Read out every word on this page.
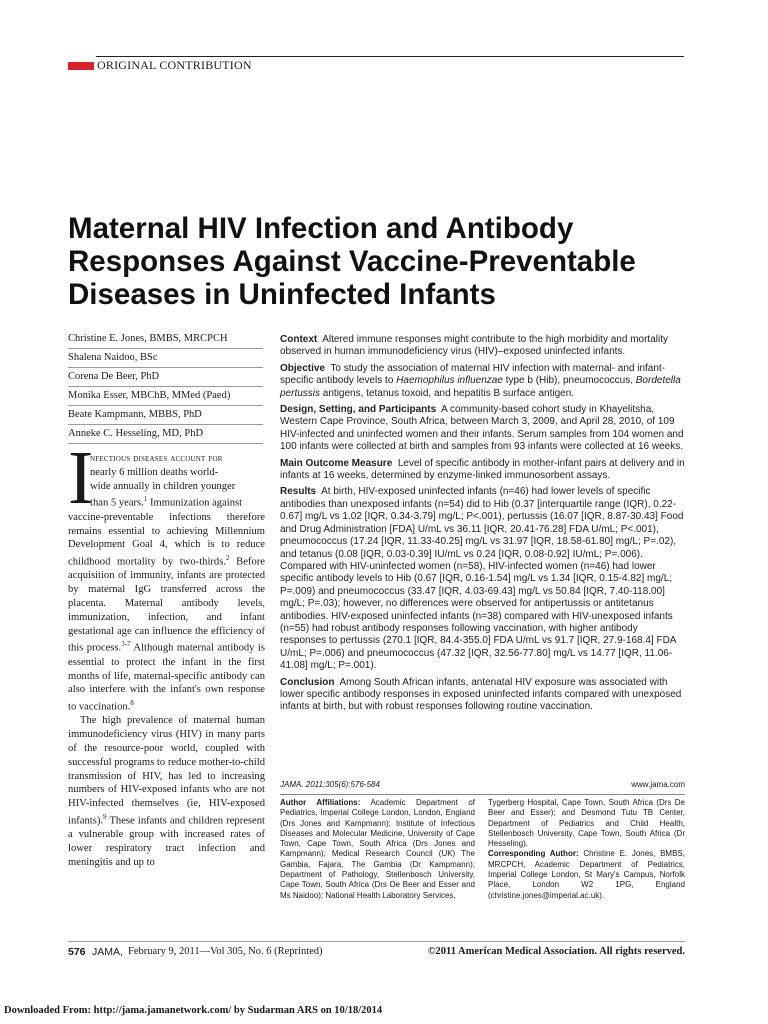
ORIGINAL CONTRIBUTION
Maternal HIV Infection and Antibody Responses Against Vaccine-Preventable Diseases in Uninfected Infants
Christine E. Jones, BMBS, MRCPCH
Shalena Naidoo, BSc
Corena De Beer, PhD
Monika Esser, MBChB, MMed (Paed)
Beate Kampmann, MBBS, PhD
Anneke C. Hesseling, MD, PhD
I
nfectious diseases account for
nearly 6 million deaths world-
wide annually in children younger
than 5 years.$^1$ Immunization against

vaccine-preventable infections therefore remains essential to achieving Millennium Development Goal 4, which is to reduce childhood mortality by two-thirds.$^2$ Before acquisition of immunity, infants are protected by maternal IgG transferred across the placenta. Maternal antibody levels, immunization, infection, and infant gestational age can influence the efficiency of this process.$^{3-7}$ Although maternal antibody is essential to protect the infant in the first months of life, maternal-specific antibody can also interfere with the infant's own response to vaccination.$^8$

The high prevalence of maternal human immunodeficiency virus (HIV) in many parts of the resource-poor world, coupled with successful programs to reduce mother-to-child transmission of HIV, has led to increasing numbers of HIV-exposed infants who are not HIV-infected themselves (ie, HIV-exposed infants).$^9$ These infants and children represent a vulnerable group with increased rates of lower respiratory tract infection and meningitis and up to

Context Altered immune responses might contribute to the high morbidity and mortality observed in human immunodeficiency virus (HIV)–exposed uninfected infants.

Objective To study the association of maternal HIV infection with maternal- and infant-specific antibody levels to Haemophilus influenzae type b (Hib), pneumococcus, Bordetella pertussis antigens, tetanus toxoid, and hepatitis B surface antigen.

Design, Setting, and Participants A community-based cohort study in Khayelitsha, Western Cape Province, South Africa, between March 3, 2009, and April 28, 2010, of 109 HIV-infected and uninfected women and their infants. Serum samples from 104 women and 100 infants were collected at birth and samples from 93 infants were collected at 16 weeks.

Main Outcome Measure Level of specific antibody in mother-infant pairs at delivery and in infants at 16 weeks, determined by enzyme-linked immunosorbent assays.

Results At birth, HIV-exposed uninfected infants (n=46) had lower levels of specific antibodies than unexposed infants (n=54) did to Hib (0.37 [interquartile range (IQR), 0.22-0.67] mg/L vs 1.02 [IQR, 0.34-3.79] mg/L; P<.001), pertussis (16.07 [IQR, 8.87-30.43] Food and Drug Administration [FDA] U/mL vs 36.11 [IQR, 20.41-76.28] FDA U/mL; P<.001), pneumococcus (17.24 [IQR, 11.33-40.25] mg/L vs 31.97 [IQR, 18.58-61.80] mg/L; P=.02), and tetanus (0.08 [IQR, 0.03-0.39] IU/mL vs 0.24 [IQR, 0.08-0.92] IU/mL; P=.006). Compared with HIV-uninfected women (n=58), HIV-infected women (n=46) had lower specific antibody levels to Hib (0.67 [IQR, 0.16-1.54] mg/L vs 1.34 [IQR, 0.15-4.82] mg/L; P=.009) and pneumococcus (33.47 [IQR, 4.03-69.43] mg/L vs 50.84 [IQR, 7.40-118.00] mg/L; P=.03); however, no differences were observed for antipertussis or antitetanus antibodies. HIV-exposed uninfected infants (n=38) compared with HIV-unexposed infants (n=55) had robust antibody responses following vaccination, with higher antibody responses to pertussis (270.1 [IQR, 84.4-355.0] FDA U/mL vs 91.7 [IQR, 27.9-168.4] FDA U/mL; P=.006) and pneumococcus (47.32 [IQR, 32.56-77.80] mg/L vs 14.77 [IQR, 11.06-41.08] mg/L; P=.001).

Conclusion Among South African infants, antenatal HIV exposure was associated with lower specific antibody responses in exposed uninfected infants compared with unexposed infants at birth, but with robust responses following routine vaccination.

JAMA. 2011;305(6):576-584	www.jama.com

Author Affiliations: Academic Department of Pediatrics, Imperial College London, London, England (Drs Jones and Kampmann); Institute of Infectious Diseases and Molecular Medicine, University of Cape Town, Cape Town, South Africa (Drs Jones and Kampmann); Medical Research Council (UK) The Gambia, Fajara, The Gambia (Dr Kampmann); Department of Pathology, Stellenbosch University, Cape Town, South Africa (Drs De Beer and Esser and Ms Naidoo); National Health Laboratory Services,

Tygerberg Hospital, Cape Town, South Africa (Drs De Beer and Esser); and Desmond Tutu TB Center, Department of Pediatrics and Child Health, Stellenbosch University, Cape Town, South Africa (Dr Hesseling).

Corresponding Author: Christine E. Jones, BMBS, MRCPCH, Academic Department of Pediatrics, Imperial College London, St Mary's Campus, Norfolk Place, London W2 1PG, England (christine.jones@imperial.ac.uk).

576 JAMA, February 9, 2011—Vol 305, No. 6 (Reprinted)	©2011 American Medical Association. All rights reserved.
Downloaded From: http://jama.jamanetwork.com/ by Sudarman ARS on 10/18/2014
